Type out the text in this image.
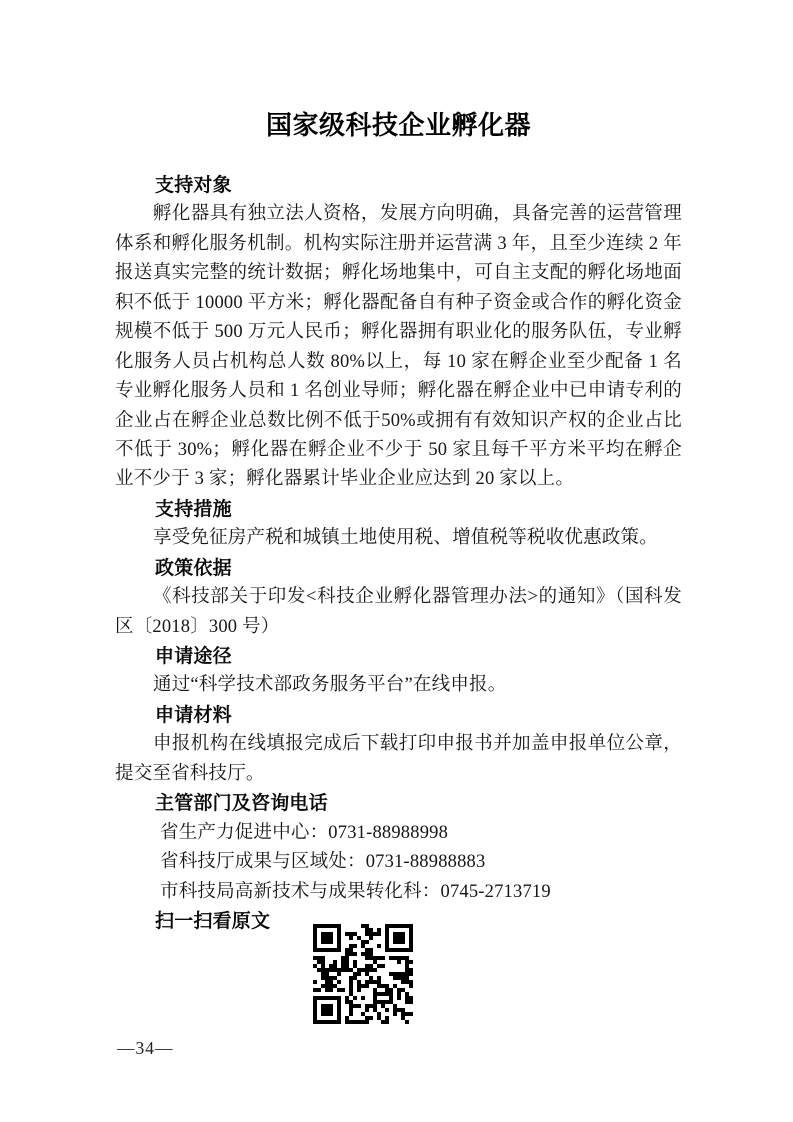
国家级科技企业孵化器
支持对象
孵化器具有独立法人资格，发展方向明确，具备完善的运营管理
体系和孵化服务机制。机构实际注册并运营满 3 年，且至少连续 2 年
报送真实完整的统计数据；孵化场地集中，可自主支配的孵化场地面
积不低于 10000 平方米；孵化器配备自有种子资金或合作的孵化资金
规模不低于 500 万元人民币；孵化器拥有职业化的服务队伍，专业孵
化服务人员占机构总人数 80%以上，每 10 家在孵企业至少配备 1 名
专业孵化服务人员和 1 名创业导师；孵化器在孵企业中已申请专利的
企业占在孵企业总数比例不低于50%或拥有有效知识产权的企业占比
不低于 30%；孵化器在孵企业不少于 50 家且每千平方米平均在孵企
业不少于 3 家；孵化器累计毕业企业应达到 20 家以上。
支持措施
享受免征房产税和城镇土地使用税、增值税等税收优惠政策。
政策依据
《科技部关于印发<科技企业孵化器管理办法>的通知》（国科发
区〔2018〕300 号）
申请途径
通过“科学技术部政务服务平台”在线申报。
申请材料
申报机构在线填报完成后下载打印申报书并加盖申报单位公章，
提交至省科技厅。
主管部门及咨询电话
省生产力促进中心：0731-88988998
省科技厅成果与区域处：0731-88988883
市科技局高新技术与成果转化科：0745-2713719
扫一扫看原文
—34—
